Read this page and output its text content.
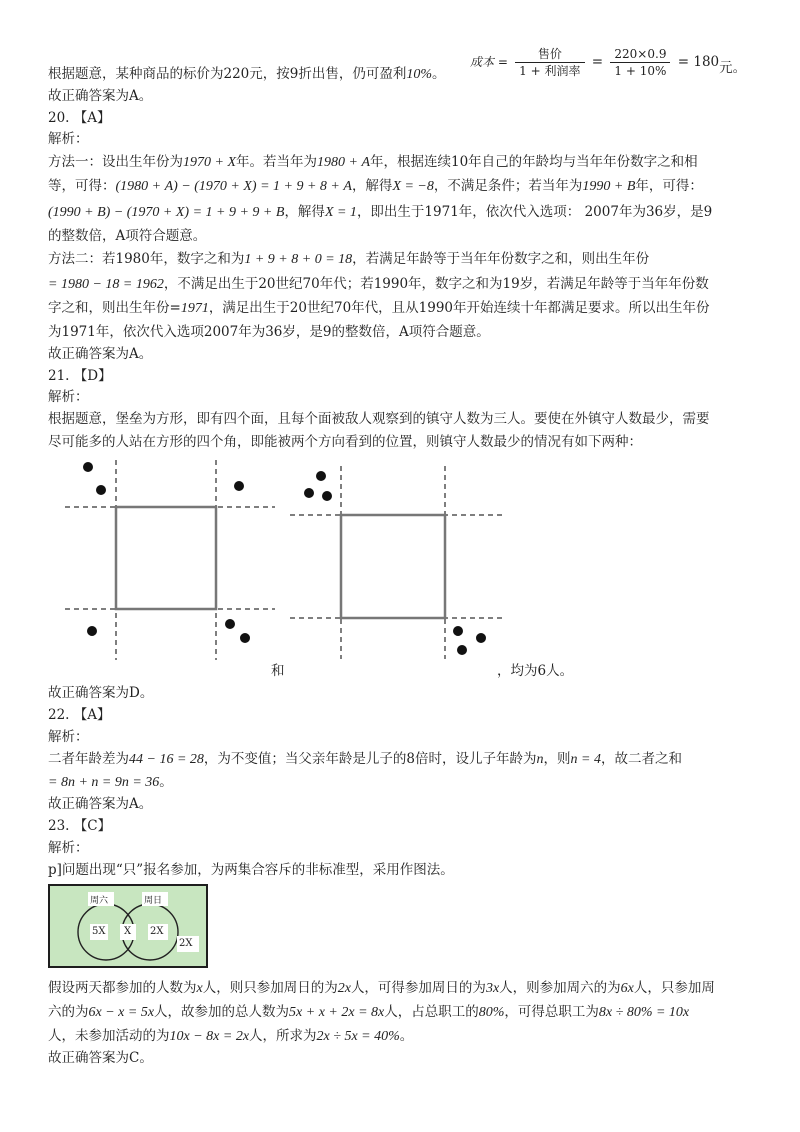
根据题意，某种商品的标价为220元，按9折出售，仍可盈利10%。
成本 = $\frac{\text{售价}}{\text{1 + 利润率}} = \frac{220\times 0.9}{1 + 10\%} = 180$元。
故正确答案为A。
20. 【A】
解析：
方法一：设出生年份为1970 + X年。若当年为1980 + A年，根据连续10年自己的年龄均与当年年份数字之和相
等，可得：(1980 + A) − (1970 + X) = 1 + 9 + 8 + A，解得X = −8，不满足条件；若当年为1990 + B年，可得：
(1990 + B) − (1970 + X) = 1 + 9 + 9 + B，解得X = 1，即出生于1971年，依次代入选项： 2007年为36岁，是9
的整数倍，A项符合题意。
方法二：若1980年，数字之和为1 + 9 + 8 + 0 = 18，若满足年龄等于当年年份数字之和，则出生年份
= 1980 − 18 = 1962，不满足出生于20世纪70年代；若1990年，数字之和为19岁，若满足年龄等于当年年份数
字之和，则出生年份=1971，满足出生于20世纪70年代，且从1990年开始连续十年都满足要求。所以出生年份
为1971年，依次代入选项2007年为36岁，是9的整数倍，A项符合题意。
故正确答案为A。
21. 【D】
解析：
根据题意，堡垒为方形，即有四个面，且每个面被敌人观察到的镇守人数为三人。要使在外镇守人数最少，需要
尽可能多的人站在方形的四个角，即能被两个方向看到的位置，则镇守人数最少的情况有如下两种：
和	，均为6人。
故正确答案为D。
22. 【A】
解析：
二者年龄差为44 − 16 = 28，为不变值；当父亲年龄是儿子的8倍时，设儿子年龄为n，则n = 4，故二者之和
= 8n + n = 9n = 36。
故正确答案为A。
23. 【C】
解析：
p]问题出现“只”报名参加，为两集合容斥的非标准型，采用作图法。
周六	周日
5X X 2X
2X
假设两天都参加的人数为x人，则只参加周日的为2x人，可得参加周日的为3x人，则参加周六的为6x人，只参加周
六的为6x − x = 5x人，故参加的总人数为5x + x + 2x = 8x人，占总职工的80%，可得总职工为8x ÷ 80% = 10x
人，未参加活动的为10x − 8x = 2x人，所求为2x ÷ 5x = 40%。
故正确答案为C。
